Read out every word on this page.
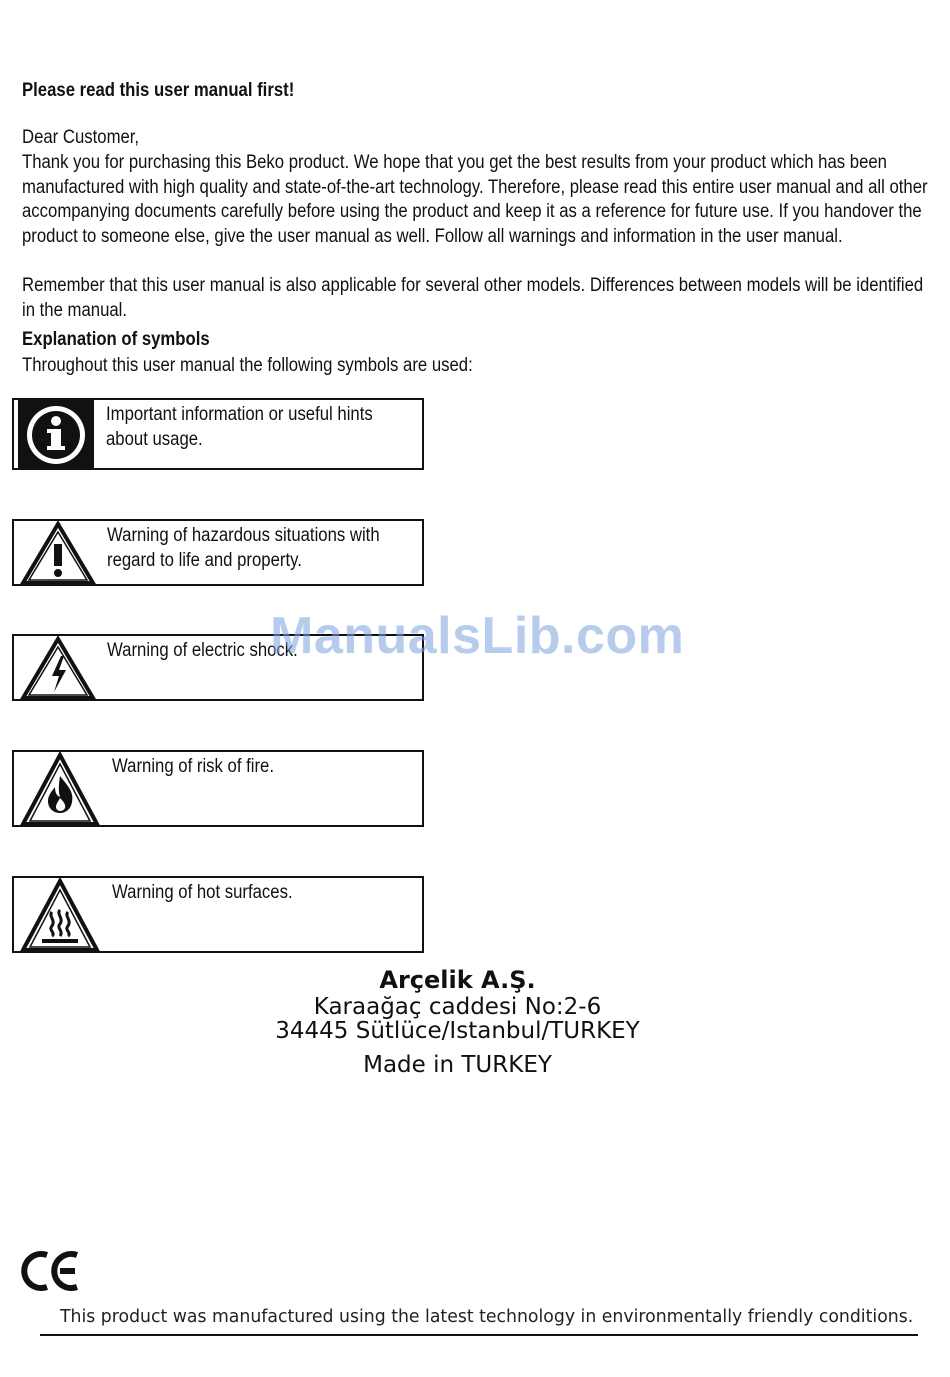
Please read this user manual first!

Dear Customer,

Thank you for purchasing this Beko product. We hope that you get the best results from your product which has been manufactured with high quality and state-of-the-art technology. Therefore, please read this entire user manual and all other accompanying documents carefully before using the product and keep it as a reference for future use. If you handover the product to someone else, give the user manual as well. Follow all warnings and information in the user manual.

Remember that this user manual is also applicable for several other models. Differences between models will be identified in the manual.

Explanation of symbols

Throughout this user manual the following symbols are used:

Important information or useful hints
about usage.
Warning of hazardous situations with
regard to life and property.
Warning of electric shock.
Warning of risk of fire.
Warning of hot surfaces.
ManualsLib.com
Arçelik A.Ş.
Karaağaç caddesi No:2-6
34445 Sütlüce/Istanbul/TURKEY
Made in TURKEY
This product was manufactured using the latest technology in environmentally friendly conditions.
